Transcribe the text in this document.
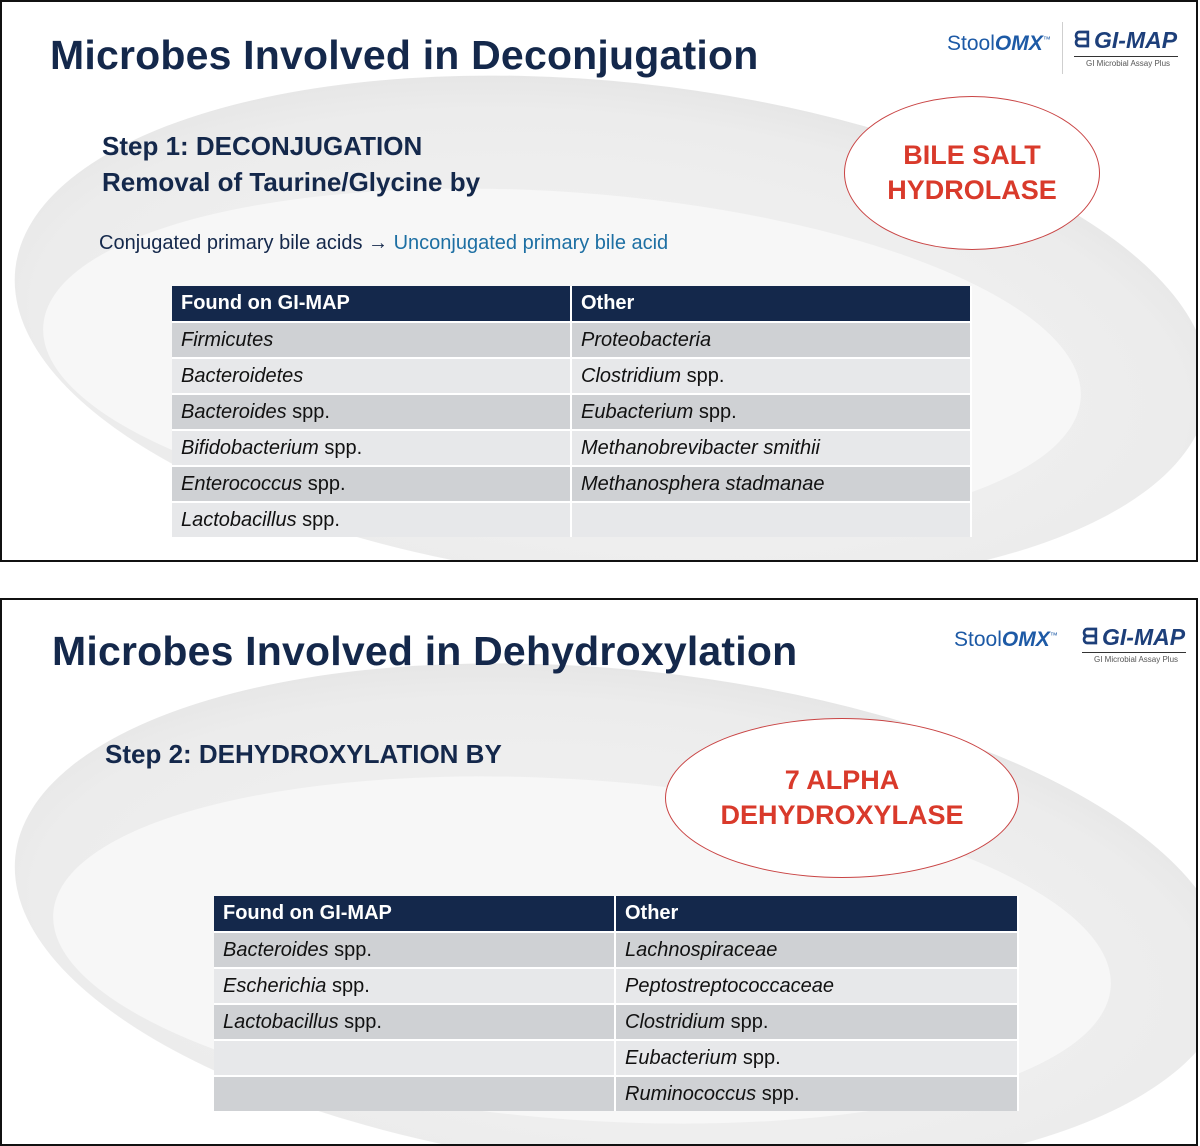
Microbes Involved in Deconjugation	StoolOMX™ ᗺ GI-MAP
GI Microbial Assay Plus
Step 1: DECONJUGATION
Removal of Taurine/Glycine by
BILE SALT
HYDROLASE
Conjugated primary bile acids → Unconjugated primary bile acid
Found on GI-MAP	Other
Firmicutes	Proteobacteria
Bacteroidetes	Clostridium spp.
Bacteroides spp.	Eubacterium spp.
Bifidobacterium spp.	Methanobrevibacter smithii
Enterococcus spp.	Methanosphera stadmanae
Lactobacillus spp.	
Microbes Involved in Dehydroxylation	StoolOMX™ ᗺ GI-MAP
GI Microbial Assay Plus
Step 2: DEHYDROXYLATION BY
7 ALPHA
DEHYDROXYLASE
Found on GI-MAP	Other
Bacteroides spp.	Lachnospiraceae
Escherichia spp.	Peptostreptococcaceae
Lactobacillus spp.	Clostridium spp.
	Eubacterium spp.
	Ruminococcus spp.
